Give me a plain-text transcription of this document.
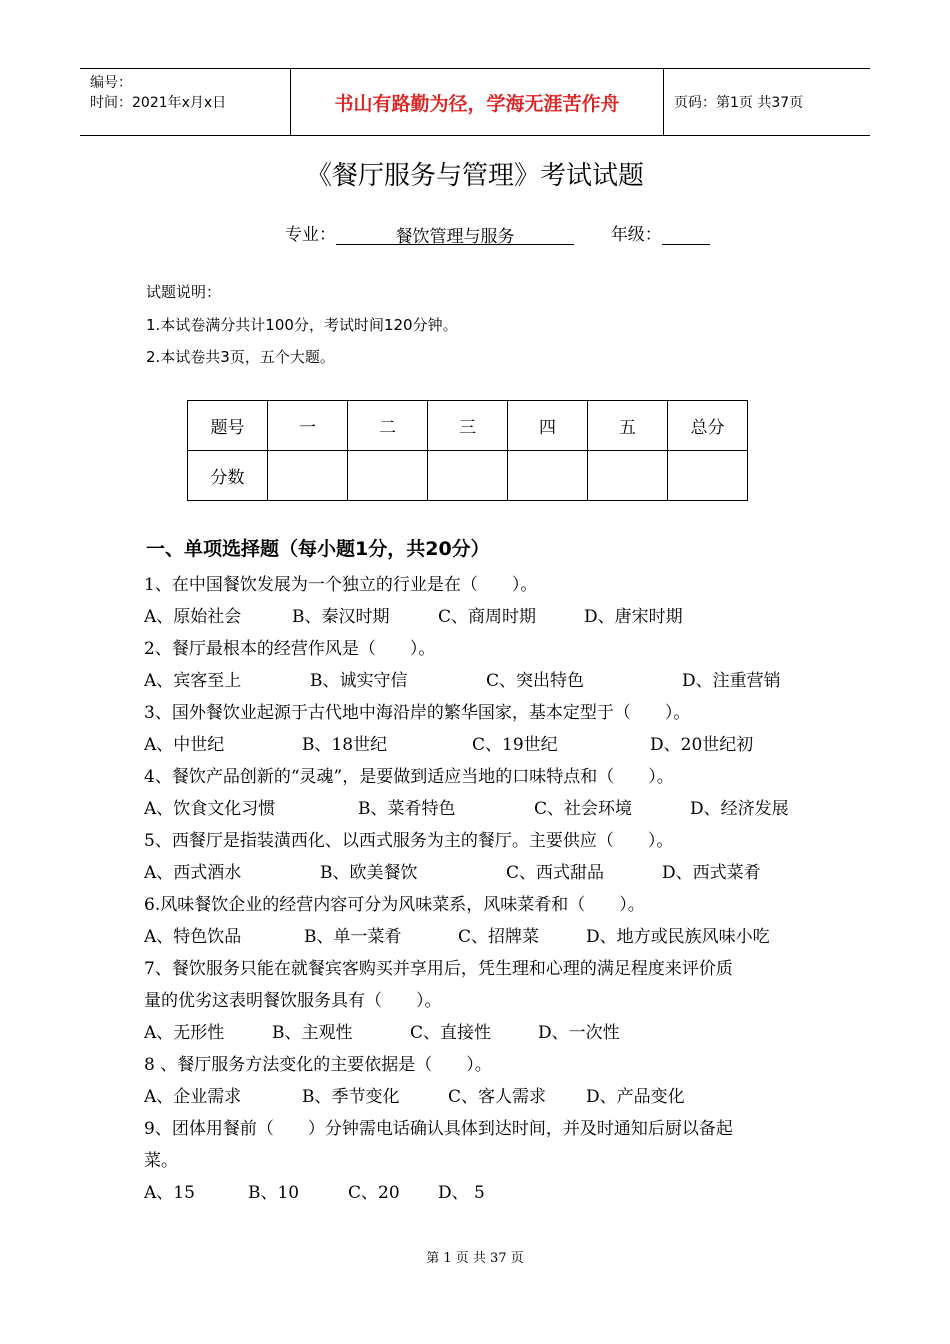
编号：
时间：2021年x月x日	书山有路勤为径，学海无涯苦作舟	页码：第1页 共37页
《餐厅服务与管理》考试试题
专业：	餐饮管理与服务	年级：
试题说明：
1.本试卷满分共计100分，考试时间120分钟。
2.本试卷共3页，五个大题。
题号	一	二	三	四	五	总分
分数						
一、单项选择题（每小题1分，共20分）
1、在中国餐饮发展为一个独立的行业是在（　　）。
A、原始社会	B、秦汉时期	C、商周时期	D、唐宋时期
2、餐厅最根本的经营作风是（　　）。
A、宾客至上	B、诚实守信	C、突出特色	D、注重营销
3、国外餐饮业起源于古代地中海沿岸的繁华国家，基本定型于（　　）。
A、中世纪	B、18世纪	C、19世纪	D、20世纪初
4、餐饮产品创新的“灵魂”，是要做到适应当地的口味特点和（　　）。
A、饮食文化习惯	B、菜肴特色	C、社会环境	D、经济发展
5、西餐厅是指装潢西化、以西式服务为主的餐厅。主要供应（　　）。
A、西式酒水	B、欧美餐饮	C、西式甜品	D、西式菜肴
6.风味餐饮企业的经营内容可分为风味菜系，风味菜肴和（　　）。
A、特色饮品	B、单一菜肴	C、招牌菜	D、地方或民族风味小吃
7、餐饮服务只能在就餐宾客购买并享用后，凭生理和心理的满足程度来评价质
量的优劣这表明餐饮服务具有（　　）。
A、无形性	B、主观性	C、直接性	D、一次性
8 、餐厅服务方法变化的主要依据是（　　）。
A、企业需求	B、季节变化	C、客人需求 D、产品变化
9、团体用餐前（　　）分钟需电话确认具体到达时间，并及时通知后厨以备起
菜。
A、15	B、10	C、20 D、 5
第 1 页 共 37 页
